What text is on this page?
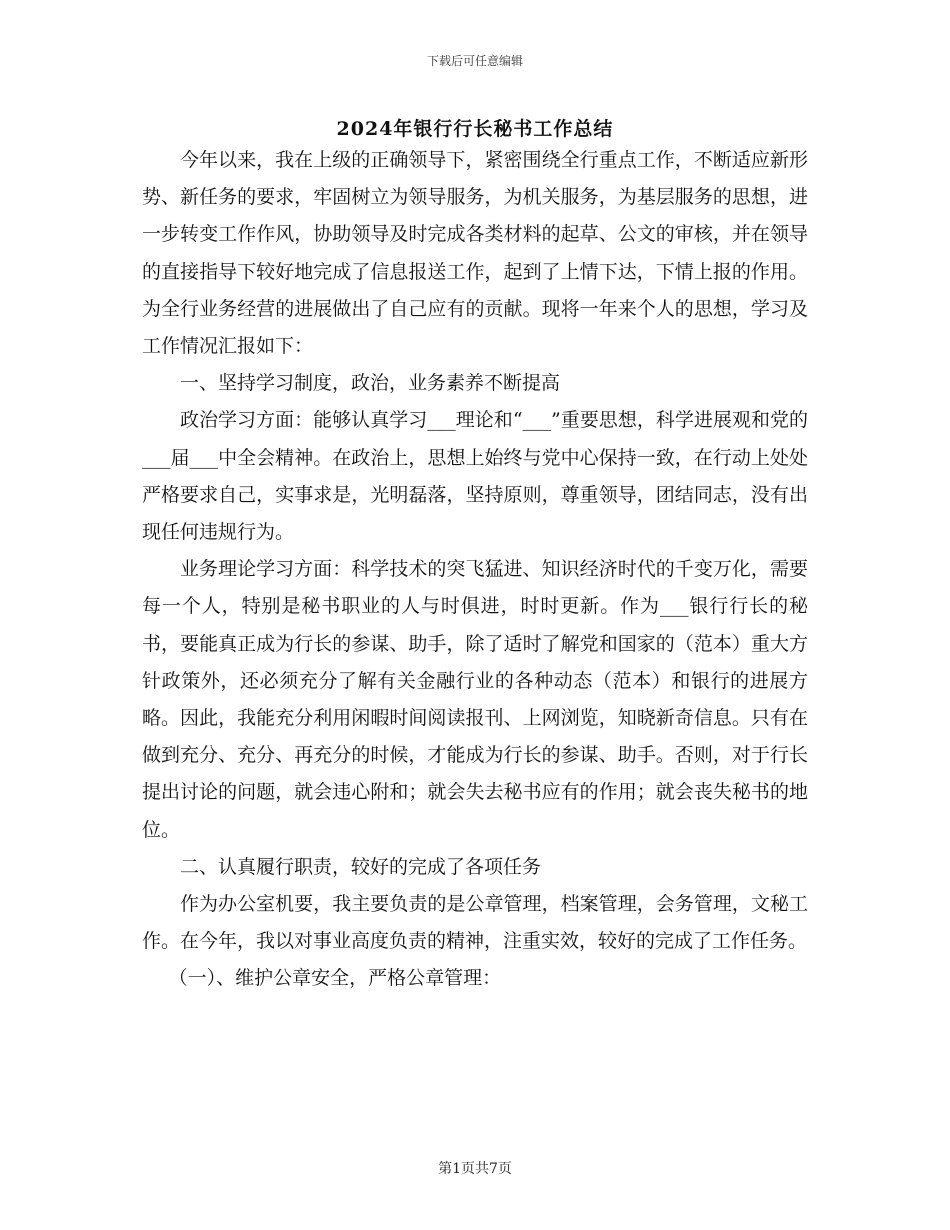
下载后可任意编辑
2024年银行行长秘书工作总结

今年以来，我在上级的正确领导下，紧密围绕全行重点工作，不断适应新形势、新任务的要求，牢固树立为领导服务，为机关服务，为基层服务的思想，进一步转变工作作风，协助领导及时完成各类材料的起草、公文的审核，并在领导的直接指导下较好地完成了信息报送工作，起到了上情下达，下情上报的作用。为全行业务经营的进展做出了自己应有的贡献。现将一年来个人的思想，学习及工作情况汇报如下：

一、坚持学习制度，政治，业务素养不断提高

政治学习方面：能够认真学习___理论和“___”重要思想，科学进展观和党的___届___中全会精神。在政治上，思想上始终与党中心保持一致，在行动上处处严格要求自己，实事求是，光明磊落，坚持原则，尊重领导，团结同志，没有出现任何违规行为。

业务理论学习方面：科学技术的突飞猛进、知识经济时代的千变万化，需要每一个人，特别是秘书职业的人与时俱进，时时更新。作为___银行行长的秘书，要能真正成为行长的参谋、助手，除了适时了解党和国家的（范本）重大方针政策外，还必须充分了解有关金融行业的各种动态（范本）和银行的进展方略。因此，我能充分利用闲暇时间阅读报刊、上网浏览，知晓新奇信息。只有在做到充分、充分、再充分的时候，才能成为行长的参谋、助手。否则，对于行长提出讨论的问题，就会违心附和；就会失去秘书应有的作用；就会丧失秘书的地位。

二、认真履行职责，较好的完成了各项任务

作为办公室机要，我主要负责的是公章管理，档案管理，会务管理，文秘工作。在今年，我以对事业高度负责的精神，注重实效，较好的完成了工作任务。

（一）、维护公章安全，严格公章管理：

第1页共7页
